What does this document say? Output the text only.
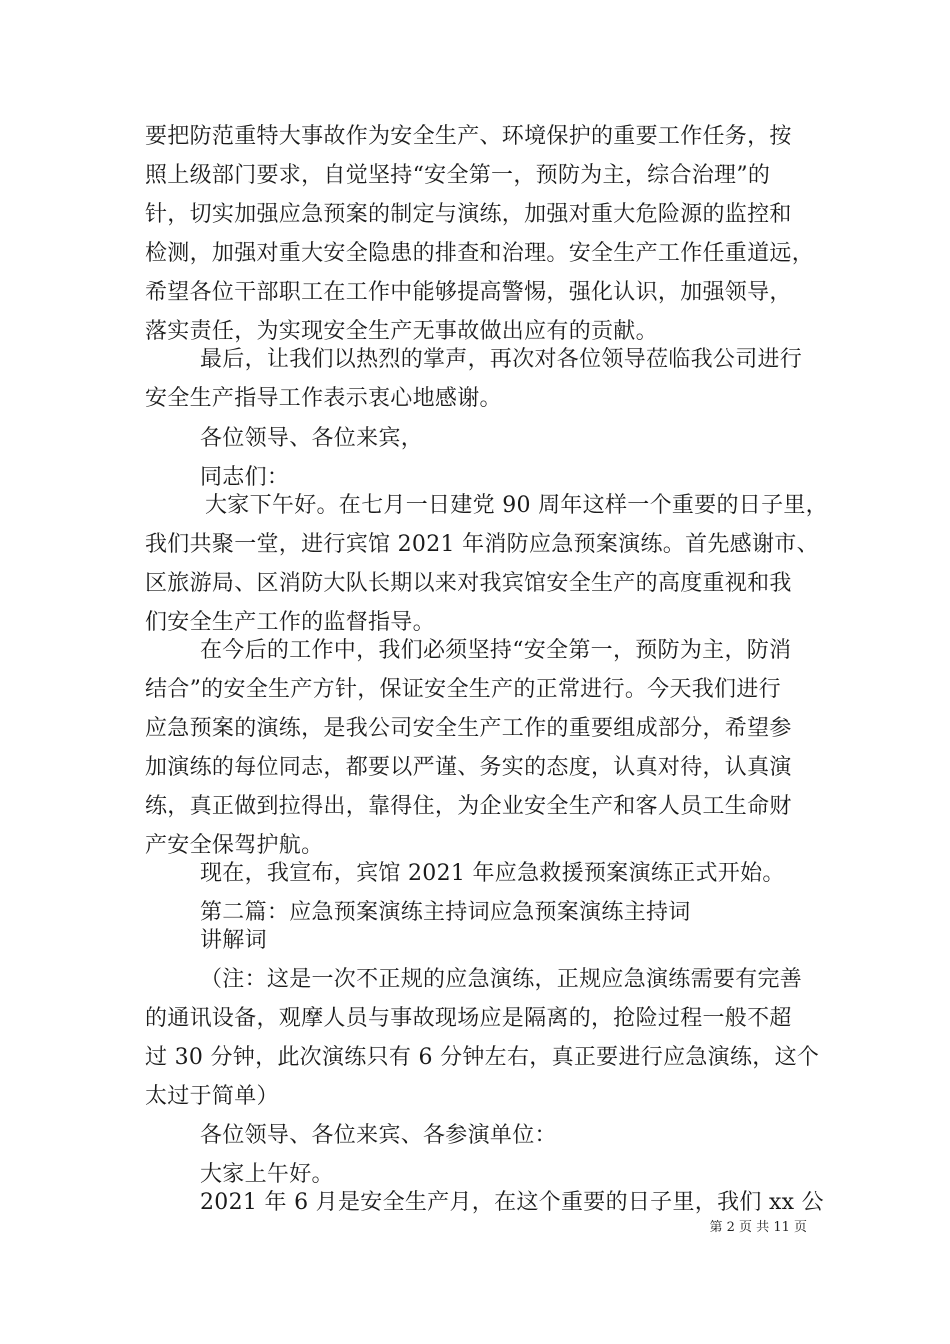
要把防范重特大事故作为安全生产、环境保护的重要工作任务，按
照上级部门要求，自觉坚持“安全第一，预防为主，综合治理”的
针，切实加强应急预案的制定与演练，加强对重大危险源的监控和
检测，加强对重大安全隐患的排查和治理。安全生产工作任重道远，
希望各位干部职工在工作中能够提高警惕，强化认识，加强领导，
落实责任，为实现安全生产无事故做出应有的贡献。
最后，让我们以热烈的掌声，再次对各位领导莅临我公司进行
安全生产指导工作表示衷心地感谢。
各位领导、各位来宾，
同志们：
大家下午好。在七月一日建党 90 周年这样一个重要的日子里，
我们共聚一堂，进行宾馆 2021 年消防应急预案演练。首先感谢市、
区旅游局、区消防大队长期以来对我宾馆安全生产的高度重视和我
们安全生产工作的监督指导。
在今后的工作中，我们必须坚持“安全第一，预防为主，防消
结合”的安全生产方针，保证安全生产的正常进行。今天我们进行
应急预案的演练，是我公司安全生产工作的重要组成部分，希望参
加演练的每位同志，都要以严谨、务实的态度，认真对待，认真演
练，真正做到拉得出，靠得住，为企业安全生产和客人员工生命财
产安全保驾护航。
现在，我宣布，宾馆 2021 年应急救援预案演练正式开始。
第二篇：应急预案演练主持词应急预案演练主持词
讲解词
（注：这是一次不正规的应急演练，正规应急演练需要有完善
的通讯设备，观摩人员与事故现场应是隔离的，抢险过程一般不超
过 30 分钟，此次演练只有 6 分钟左右，真正要进行应急演练，这个
太过于简单）
各位领导、各位来宾、各参演单位：
大家上午好。
2021 年 6 月是安全生产月，在这个重要的日子里，我们 xx 公
第 2 页 共 11 页
